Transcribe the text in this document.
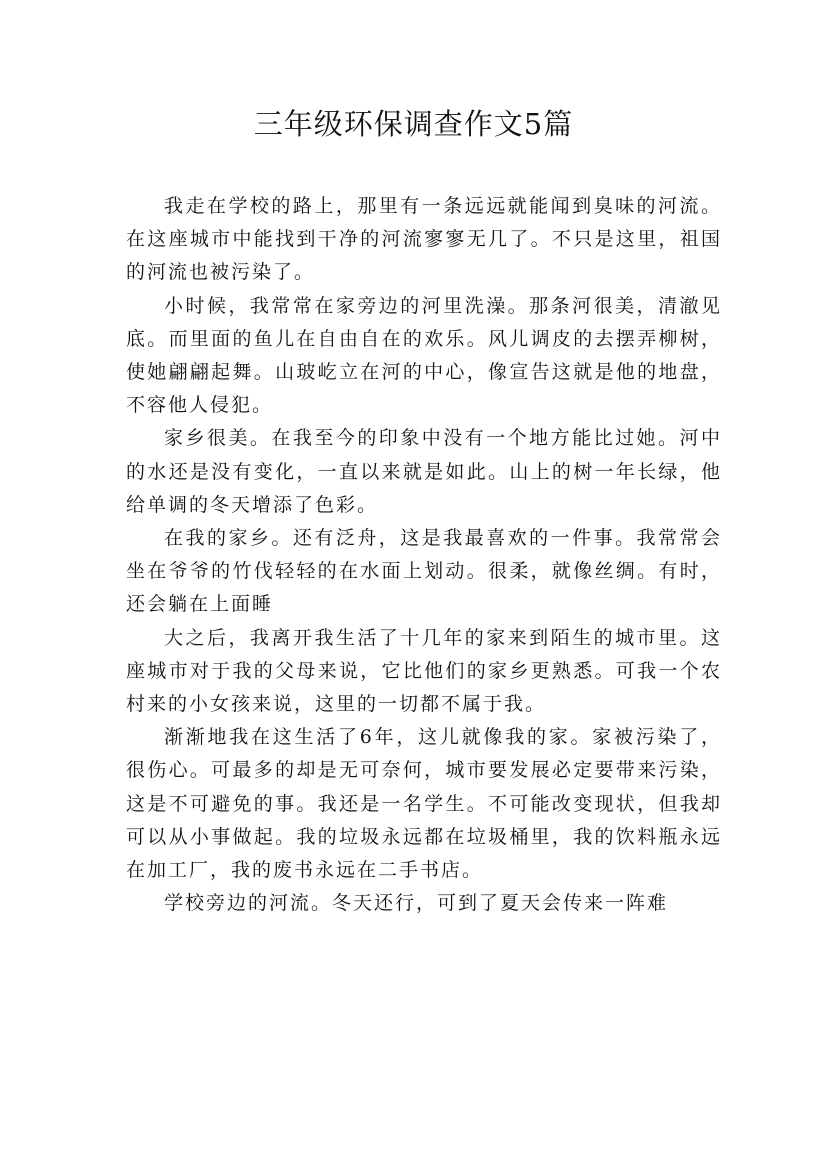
三年级环保调查作文5篇

我走在学校的路上，那里有一条远远就能闻到臭味的河流。在这座城市中能找到干净的河流寥寥无几了。不只是这里，祖国的河流也被污染了。

小时候，我常常在家旁边的河里洗澡。那条河很美，清澈见底。而里面的鱼儿在自由自在的欢乐。风儿调皮的去摆弄柳树，使她翩翩起舞。山玻屹立在河的中心，像宣告这就是他的地盘，不容他人侵犯。

家乡很美。在我至今的印象中没有一个地方能比过她。河中的水还是没有变化，一直以来就是如此。山上的树一年长绿，他给单调的冬天增添了色彩。

在我的家乡。还有泛舟，这是我最喜欢的一件事。我常常会坐在爷爷的竹伐轻轻的在水面上划动。很柔，就像丝绸。有时，还会躺在上面睡

大之后，我离开我生活了十几年的家来到陌生的城市里。这座城市对于我的父母来说，它比他们的家乡更熟悉。可我一个农村来的小女孩来说，这里的一切都不属于我。

渐渐地我在这生活了6年，这儿就像我的家。家被污染了，很伤心。可最多的却是无可奈何，城市要发展必定要带来污染，这是不可避免的事。我还是一名学生。不可能改变现状，但我却可以从小事做起。我的垃圾永远都在垃圾桶里，我的饮料瓶永远在加工厂，我的废书永远在二手书店。

学校旁边的河流。冬天还行，可到了夏天会传来一阵难
